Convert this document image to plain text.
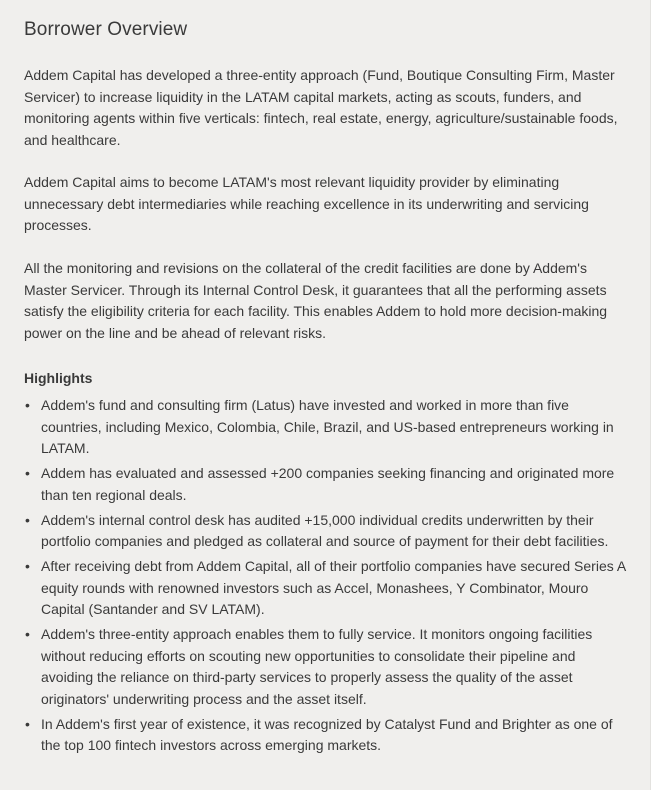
Borrower Overview

Addem Capital has developed a three-entity approach (Fund, Boutique Consulting Firm, Master Servicer) to increase liquidity in the LATAM capital markets, acting as scouts, funders, and monitoring agents within five verticals: fintech, real estate, energy, agriculture/sustainable foods, and healthcare.

Addem Capital aims to become LATAM's most relevant liquidity provider by eliminating unnecessary debt intermediaries while reaching excellence in its underwriting and servicing processes.

All the monitoring and revisions on the collateral of the credit facilities are done by Addem's Master Servicer. Through its Internal Control Desk, it guarantees that all the performing assets satisfy the eligibility criteria for each facility. This enables Addem to hold more decision-making power on the line and be ahead of relevant risks.

Highlights
• Addem's fund and consulting firm (Latus) have invested and worked in more than five countries, including Mexico, Colombia, Chile, Brazil, and US-based entrepreneurs working in LATAM.
• Addem has evaluated and assessed +200 companies seeking financing and originated more than ten regional deals.
• Addem's internal control desk has audited +15,000 individual credits underwritten by their portfolio companies and pledged as collateral and source of payment for their debt facilities.
• After receiving debt from Addem Capital, all of their portfolio companies have secured Series A equity rounds with renowned investors such as Accel, Monashees, Y Combinator, Mouro Capital (Santander and SV LATAM).
• Addem's three-entity approach enables them to fully service. It monitors ongoing facilities without reducing efforts on scouting new opportunities to consolidate their pipeline and avoiding the reliance on third-party services to properly assess the quality of the asset originators' underwriting process and the asset itself.
• In Addem's first year of existence, it was recognized by Catalyst Fund and Brighter as one of the top 100 fintech investors across emerging markets.
